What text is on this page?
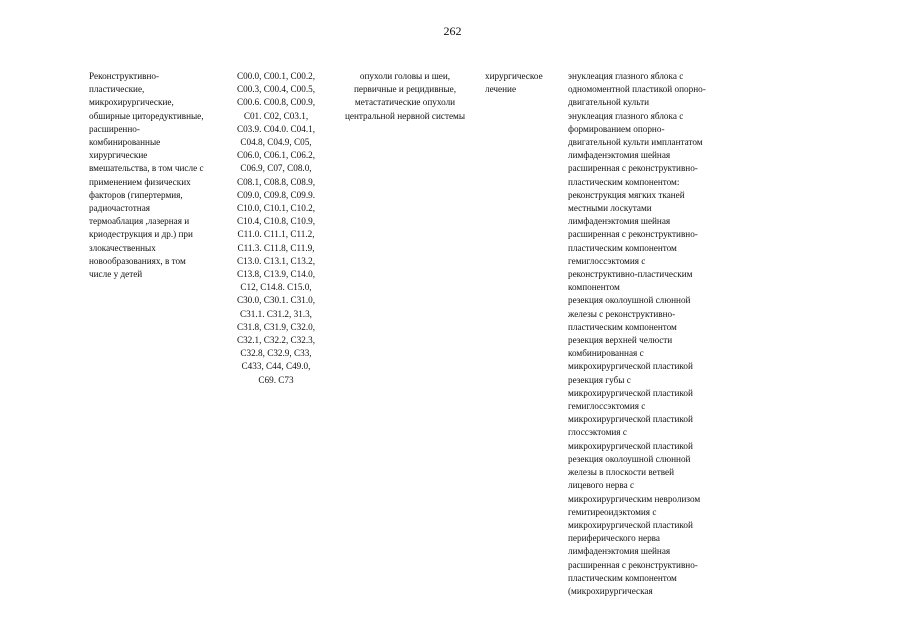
262
Реконструктивно-
пластические,
микрохирургические,
обширные циторедуктивные,
расширенно-
комбинированные
хирургические
вмешательства, в том числе с
применением физических
факторов (гипертермия,
радиочастотная
термоаблация ,лазерная и
криодеструкция и др.) при
злокачественных
новообразованиях, в том
числе у детей
C00.0, C00.1, C00.2,
C00.3, C00.4, C00.5,
C00.6. C00.8, C00.9,
C01. C02, C03.1,
C03.9. C04.0. C04.1,
C04.8, C04.9, C05,
C06.0, C06.1, C06.2,
C06.9, C07, C08.0,
C08.1, C08.8, C08.9,
C09.0, C09.8, C09.9.
C10.0, C10.1, C10.2,
C10.4, C10.8, C10.9,
C11.0. C11.1, C11.2,
C11.3. C11.8, C11.9,
C13.0. C13.1, C13.2,
C13.8, C13.9, C14.0,
C12, C14.8. C15.0,
C30.0, C30.1. C31.0,
C31.1. C31.2, 31.3,
C31.8, C31.9, C32.0,
C32.1, C32.2, C32.3,
C32.8, C32.9, C33,
C433, C44, C49.0,
C69. C73
опухоли головы и шеи,
первичные и рецидивные,
метастатические опухоли
центральной нервной системы
хирургическое
лечение
энуклеация глазного яблока с
одномоментной пластикой опорно-
двигательной культи
энуклеация глазного яблока с
формированием опорно-
двигательной культи имплантатом
лимфаденэктомия шейная
расширенная с реконструктивно-
пластическим компонентом:
реконструкция мягких тканей
местными лоскутами
лимфаденэктомия шейная
расширенная с реконструктивно-
пластическим компонентом
гемиглоссэктомия с
реконструктивно-пластическим
компонентом
резекция околоушной слюнной
железы с реконструктивно-
пластическим компонентом
резекция верхней челюсти
комбинированная с
микрохирургической пластикой
резекция губы с
микрохирургической пластикой
гемиглоссэктомия с
микрохирургической пластикой
глоссэктомия с
микрохирургической пластикой
резекция околоушной слюнной
железы в плоскости ветвей
лицевого нерва с
микрохирургическим невролизом
гемитиреоидэктомия с
микрохирургической пластикой
периферического нерва
лимфаденэктомия шейная
расширенная с реконструктивно-
пластическим компонентом
(микрохирургическая
